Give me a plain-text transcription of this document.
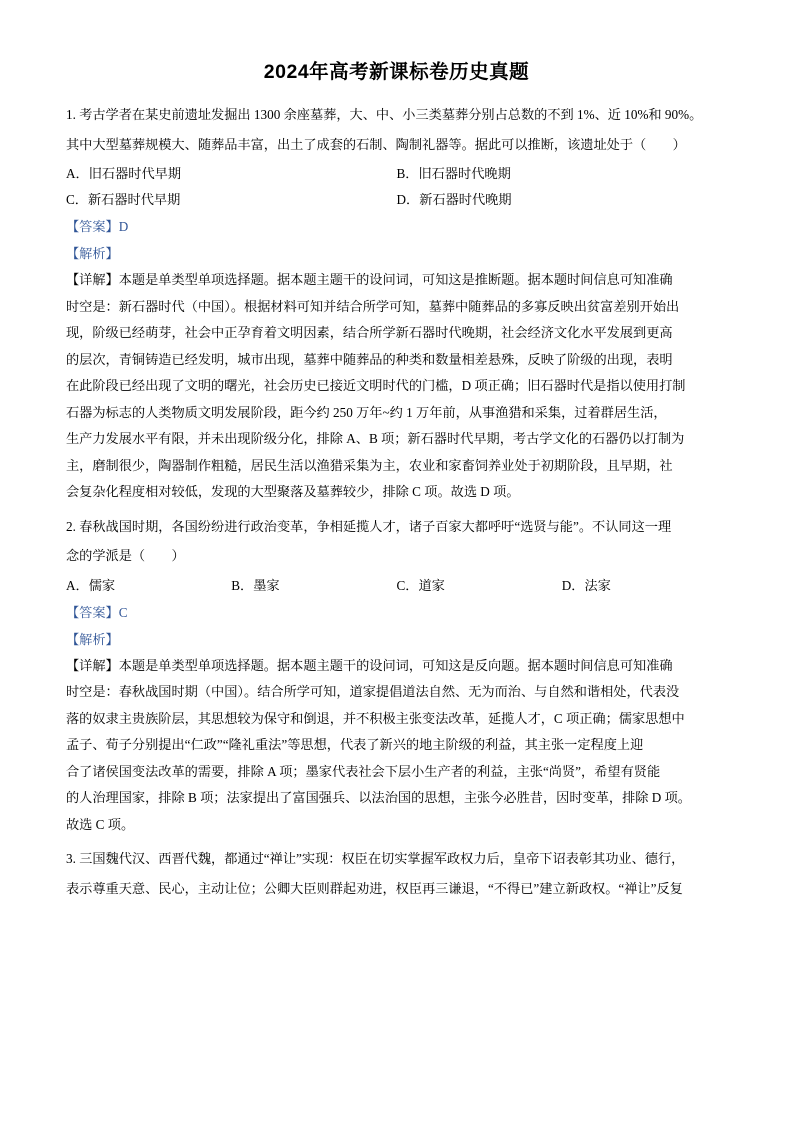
2024年高考新课标卷历史真题

1. 考古学者在某史前遗址发掘出 1300 余座墓葬，大、中、小三类墓葬分别占总数的不到 1%、近 10%和 90%。

其中大型墓葬规模大、随葬品丰富，出土了成套的石制、陶制礼器等。据此可以推断，该遗址处于（　　）

A．旧石器时代早期	B．旧石器时代晚期
C．新石器时代早期	D．新石器时代晚期

【答案】D

【解析】

【详解】本题是单类型单项选择题。据本题主题干的设问词，可知这是推断题。据本题时间信息可知准确

时空是：新石器时代（中国）。根据材料可知并结合所学可知，墓葬中随葬品的多寡反映出贫富差别开始出

现，阶级已经萌芽，社会中正孕育着文明因素，结合所学新石器时代晚期，社会经济文化水平发展到更高

的层次，青铜铸造已经发明，城市出现，墓葬中随葬品的种类和数量相差悬殊，反映了阶级的出现，表明

在此阶段已经出现了文明的曙光，社会历史已接近文明时代的门槛，D 项正确；旧石器时代是指以使用打制

石器为标志的人类物质文明发展阶段，距今约 250 万年~约 1 万年前，从事渔猎和采集，过着群居生活，

生产力发展水平有限，并未出现阶级分化，排除 A、B 项；新石器时代早期，考古学文化的石器仍以打制为

主，磨制很少，陶器制作粗糙，居民生活以渔猎采集为主，农业和家畜饲养业处于初期阶段，且早期，社

会复杂化程度相对较低，发现的大型聚落及墓葬较少，排除 C 项。故选 D 项。

2. 春秋战国时期，各国纷纷进行政治变革，争相延揽人才，诸子百家大都呼吁“选贤与能”。不认同这一理

念的学派是（　　）

A．儒家	B．墨家	C．道家	D．法家

【答案】C

【解析】

【详解】本题是单类型单项选择题。据本题主题干的设问词，可知这是反向题。据本题时间信息可知准确

时空是：春秋战国时期（中国）。结合所学可知，道家提倡道法自然、无为而治、与自然和谐相处，代表没

落的奴隶主贵族阶层，其思想较为保守和倒退，并不积极主张变法改革，延揽人才，C 项正确；儒家思想中

孟子、荀子分别提出“仁政”“隆礼重法”等思想，代表了新兴的地主阶级的利益，其主张一定程度上迎

合了诸侯国变法改革的需要，排除 A 项；墨家代表社会下层小生产者的利益，主张“尚贤”，希望有贤能

的人治理国家，排除 B 项；法家提出了富国强兵、以法治国的思想，主张今必胜昔，因时变革，排除 D 项。

故选 C 项。

3. 三国魏代汉、西晋代魏，都通过“禅让”实现：权臣在切实掌握军政权力后，皇帝下诏表彰其功业、德行，

表示尊重天意、民心，主动让位；公卿大臣则群起劝进，权臣再三谦退，“不得已”建立新政权。“禅让”反复
